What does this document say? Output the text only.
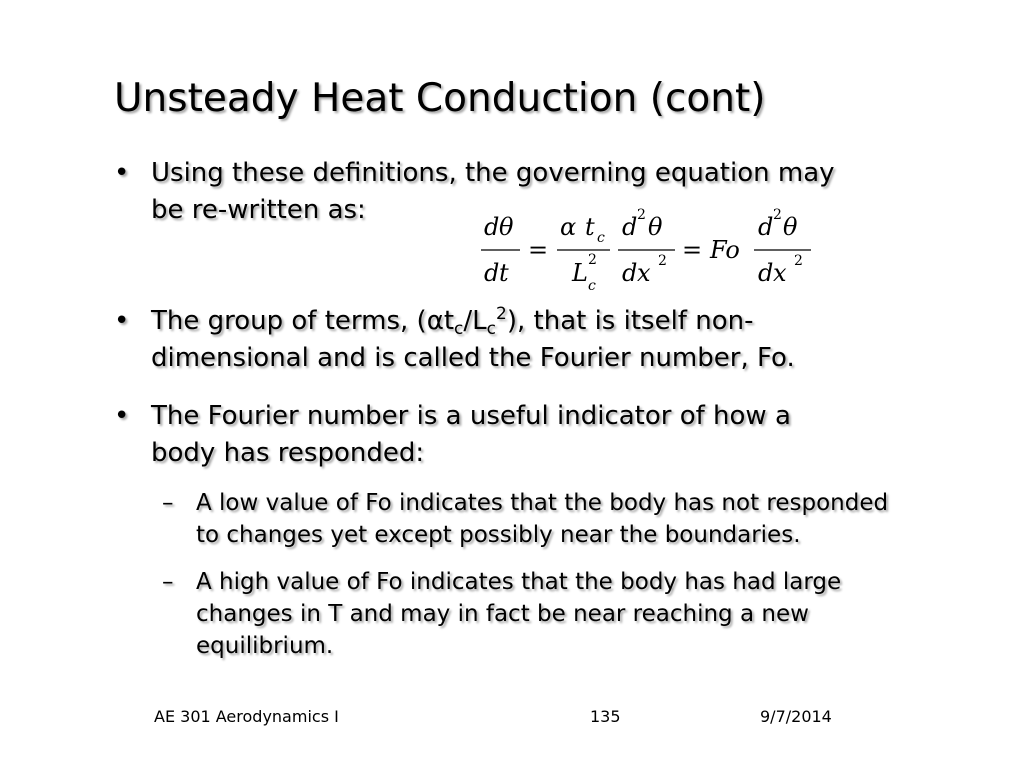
Unsteady Heat Conduction (cont)
• Using these definitions, the governing equation may
be re-written as:
d θ
d t
=
α t c
L 2
c
d 2 θ
d x 2 = Fo
d 2 θ
d x 2
• The group of terms, $(\alpha t_c/L_c^2)$, that is itself non-
dimensional and is called the Fourier number, Fo.
• The Fourier number is a useful indicator of how a
body has responded:
– A low value of Fo indicates that the body has not responded
to changes yet except possibly near the boundaries.
– A high value of Fo indicates that the body has had large
changes in T and may in fact be near reaching a new
equilibrium.
AE 301 Aerodynamics I	135	9/7/2014
